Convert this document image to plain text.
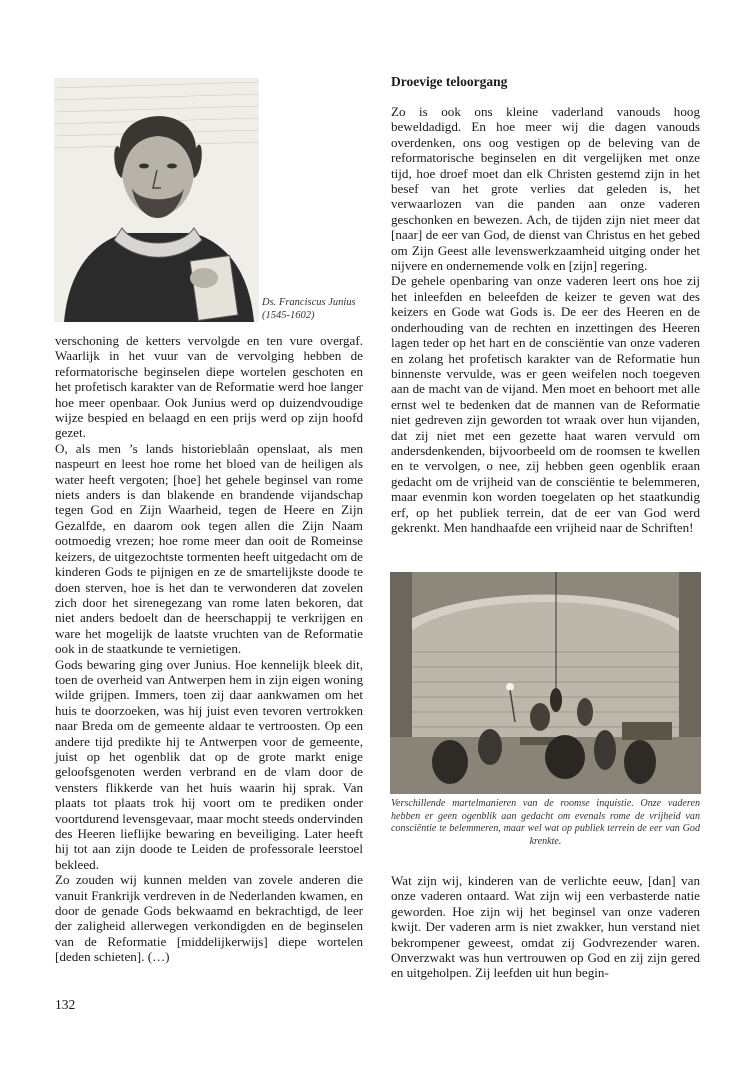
Ds. Franciscus Junius
(1545-1602)

verschoning de ketters vervolgde en ten vure overgaf. Waarlijk in het vuur van de vervolging hebben de reformatorische beginselen diepe wortelen geschoten en het profetisch karakter van de Reformatie werd hoe langer hoe meer openbaar. Ook Junius werd op duizendvoudige wijze bespied en belaagd en een prijs werd op zijn hoofd gezet.

O, als men ’s lands historieblaân openslaat, als men naspeurt en leest hoe rome het bloed van de heiligen als water heeft vergoten; [hoe] het gehele beginsel van rome niets anders is dan blakende en brandende vijandschap tegen God en Zijn Waarheid, tegen de Heere en Zijn Gezalfde, en daarom ook tegen allen die Zijn Naam ootmoedig vrezen; hoe rome meer dan ooit de Romeinse keizers, de uitgezochtste tormenten heeft uitgedacht om de kinderen Gods te pijnigen en ze de smartelijkste doode te doen sterven, hoe is het dan te verwonderen dat zovelen zich door het sirenegezang van rome laten bekoren, dat niet anders bedoelt dan de heerschappij te verkrijgen en ware het mogelijk de laatste vruchten van de Reformatie ook in de staatkunde te vernietigen.

Gods bewaring ging over Junius. Hoe kennelijk bleek dit, toen de overheid van Antwerpen hem in zijn eigen woning wilde grijpen. Immers, toen zij daar aankwamen om het huis te doorzoeken, was hij juist even tevoren vertrokken naar Breda om de gemeente aldaar te vertroosten. Op een andere tijd predikte hij te Antwerpen voor de gemeente, juist op het ogenblik dat op de grote markt enige geloofsgenoten werden verbrand en de vlam door de vensters flikkerde van het huis waarin hij sprak. Van plaats tot plaats trok hij voort om te prediken onder voortdurend levensgevaar, maar mocht steeds ondervinden des Heeren lieflijke bewaring en beveiliging. Later heeft hij tot aan zijn doode te Leiden de professorale leerstoel bekleed.

Zo zouden wij kunnen melden van zovele anderen die vanuit Frankrijk verdreven in de Nederlanden kwamen, en door de genade Gods bekwaamd en bekrachtigd, de leer der zaligheid allerwegen verkondigden en de beginselen van de Reformatie [middelijkerwijs] diepe wortelen [deden schieten]. (…)

Droevige teloorgang

Zo is ook ons kleine vaderland vanouds hoog beweldadigd. En hoe meer wij die dagen vanouds overdenken, ons oog vestigen op de beleving van de reformatorische beginselen en dit vergelijken met onze tijd, hoe droef moet dan elk Christen gestemd zijn in het besef van het grote verlies dat geleden is, het verwaarlozen van die panden aan onze vaderen geschonken en bewezen. Ach, de tijden zijn niet meer dat [naar] de eer van God, de dienst van Christus en het gebed om Zijn Geest alle levenswerkzaamheid uitging onder het nijvere en ondernemende volk en [zijn] regering.

De gehele openbaring van onze vaderen leert ons hoe zij het inleefden en beleefden de keizer te geven wat des keizers en Gode wat Gods is. De eer des Heeren en de onderhouding van de rechten en inzettingen des Heeren lagen teder op het hart en de consciëntie van onze vaderen en zolang het profetisch karakter van de Reformatie hun binnenste vervulde, was er geen weifelen noch toegeven aan de macht van de vijand. Men moet en behoort met alle ernst wel te bedenken dat de mannen van de Reformatie niet gedreven zijn geworden tot wraak over hun vijanden, dat zij niet met een gezette haat waren vervuld om andersdenkenden, bijvoorbeeld om de roomsen te kwellen en te vervolgen, o nee, zij hebben geen ogenblik eraan gedacht om de vrijheid van de consciëntie te belemmeren, maar evenmin kon worden toegelaten op het staatkundig erf, op het publiek terrein, dat de eer van God werd gekrenkt. Men handhaafde een vrijheid naar de Schriften!

Verschillende martelmanieren van de roomse inquistie. Onze vaderen hebben er geen ogenblik aan gedacht om evenals rome de vrijheid van consciëntie te belemmeren, maar wel wat op publiek terrein de eer van God krenkte.

Wat zijn wij, kinderen van de verlichte eeuw, [dan] van onze vaderen ontaard. Wat zijn wij een verbasterde natie geworden. Hoe zijn wij het beginsel van onze vaderen kwijt. Der vaderen arm is niet zwakker, hun verstand niet bekrompener geweest, omdat zij Godvrezender waren. Onverzwakt was hun vertrouwen op God en zij zijn gered en uitgeholpen. Zij leefden uit hun begin-

132
